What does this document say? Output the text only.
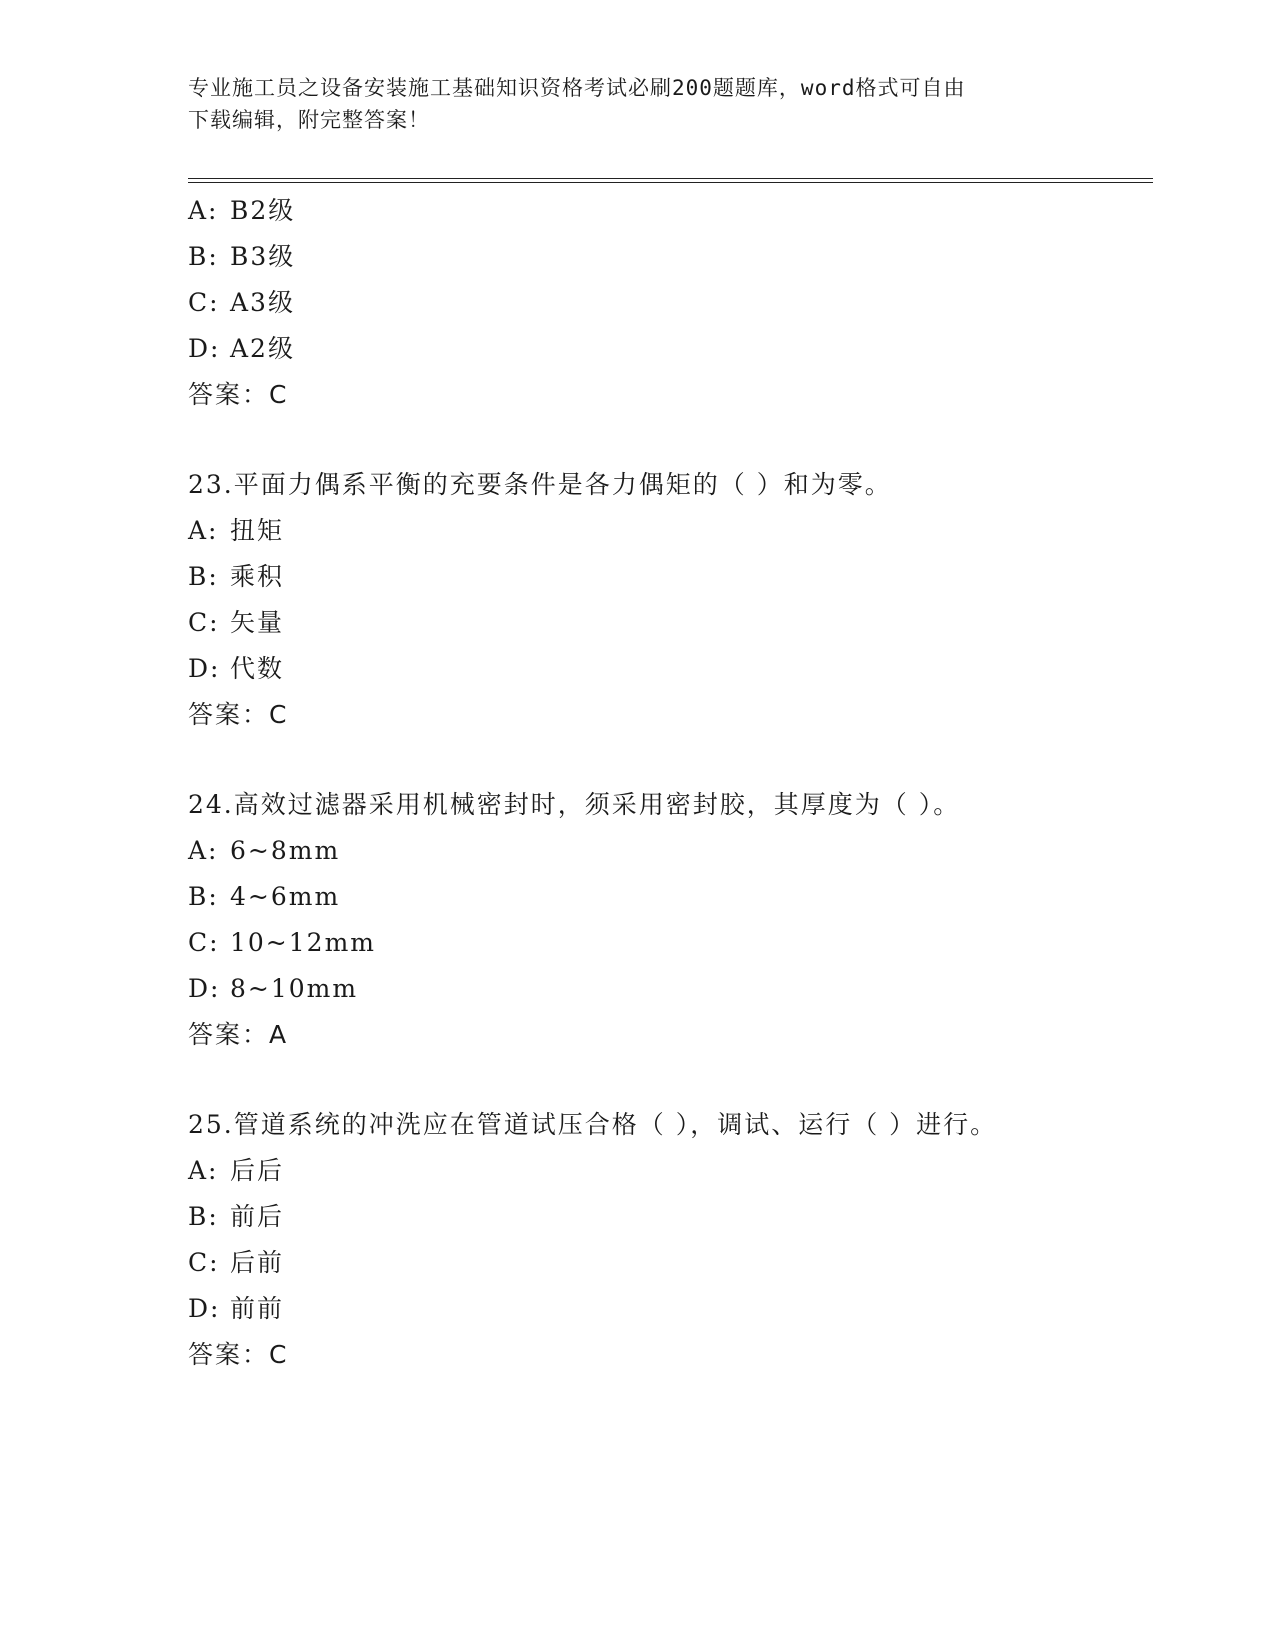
专业施工员之设备安装施工基础知识资格考试必刷200题题库，word格式可自由
下载编辑，附完整答案！
A: B2级
B: B3级
C: A3级
D: A2级
答案：C
23.平面力偶系平衡的充要条件是各力偶矩的（ ）和为零。
A: 扭矩
B: 乘积
C: 矢量
D: 代数
答案：C
24.高效过滤器采用机械密封时，须采用密封胶，其厚度为（ ）。
A: 6~8mm
B: 4~6mm
C: 10~12mm
D: 8~10mm
答案：A
25.管道系统的冲洗应在管道试压合格（ ），调试、运行（ ）进行。
A: 后后
B: 前后
C: 后前
D: 前前
答案：C
